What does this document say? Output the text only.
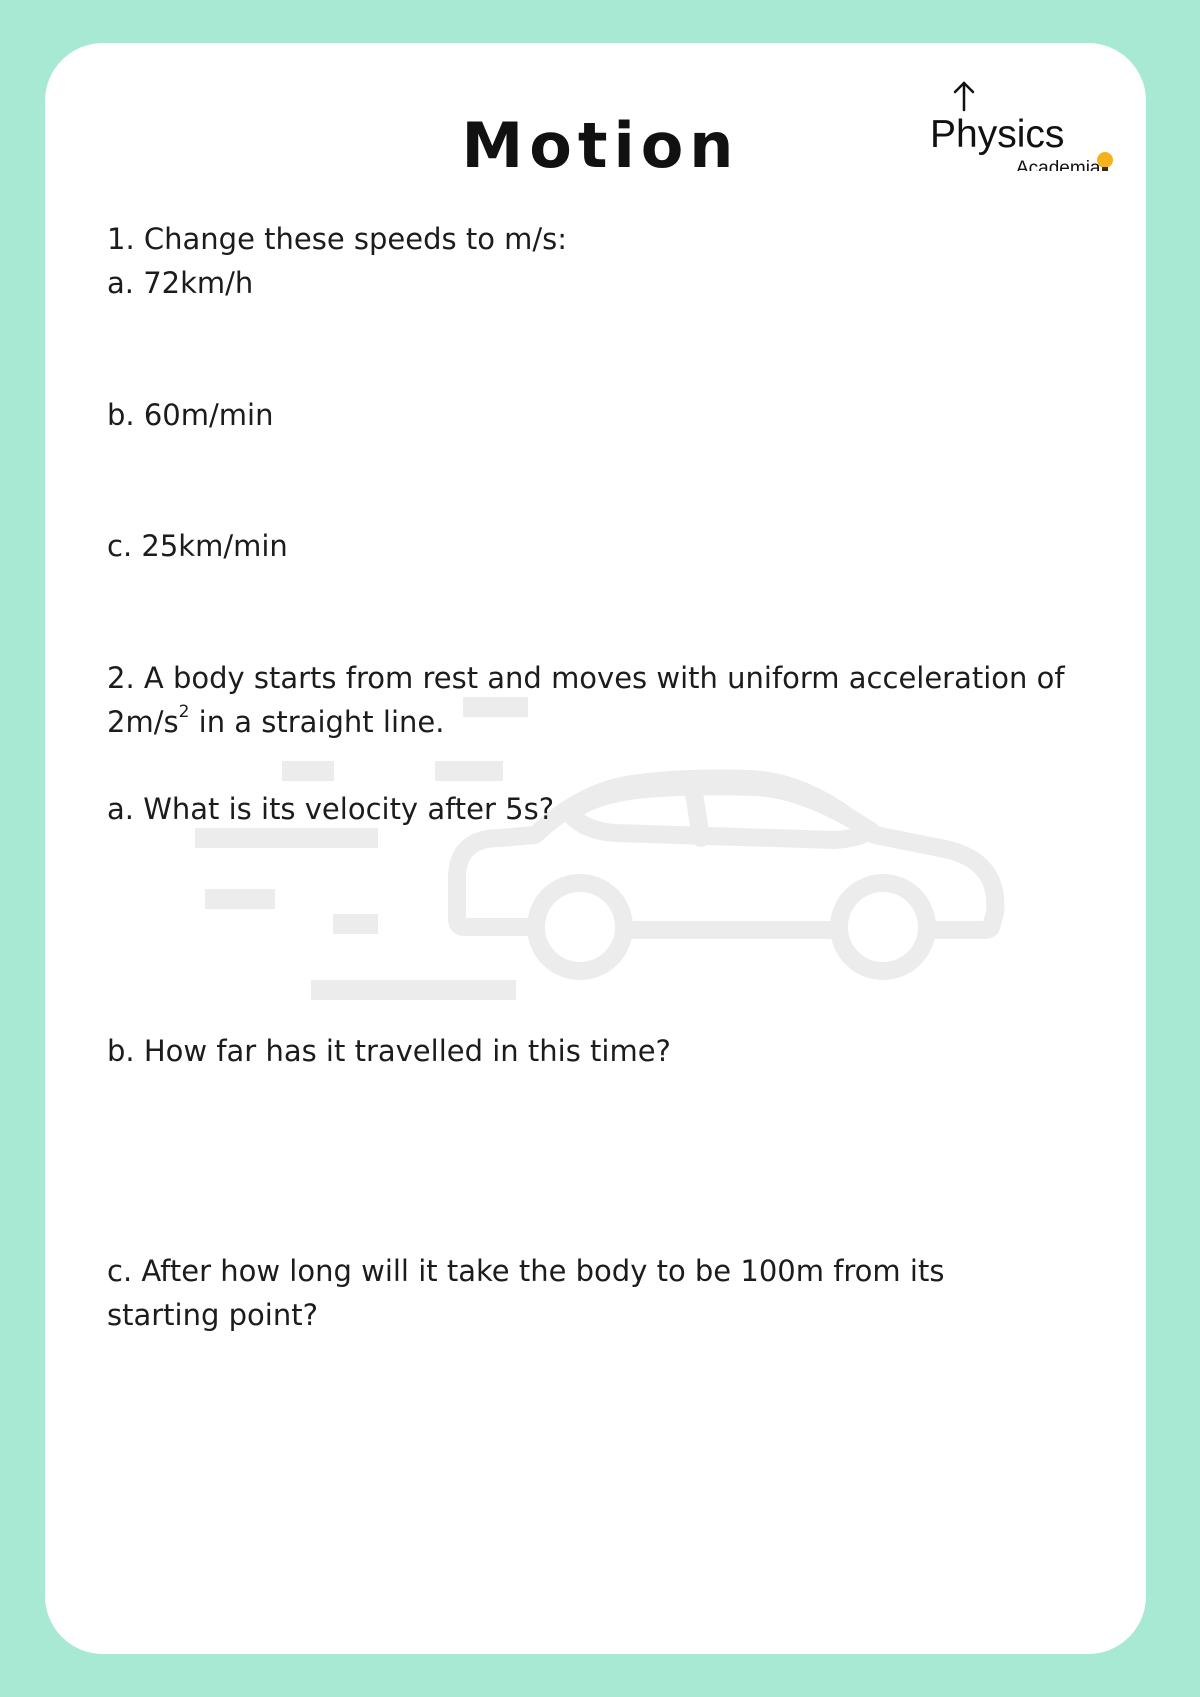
Motion	Physics
Academia

1. Change these speeds to m/s:

a. 72km/h

b. 60m/min

c. 25km/min

2. A body starts from rest and moves with uniform acceleration of $2m/s^2$ in a straight line.

a. What is its velocity after 5s?

b. How far has it travelled in this time?

c. After how long will it take the body to be 100m from its starting point?
